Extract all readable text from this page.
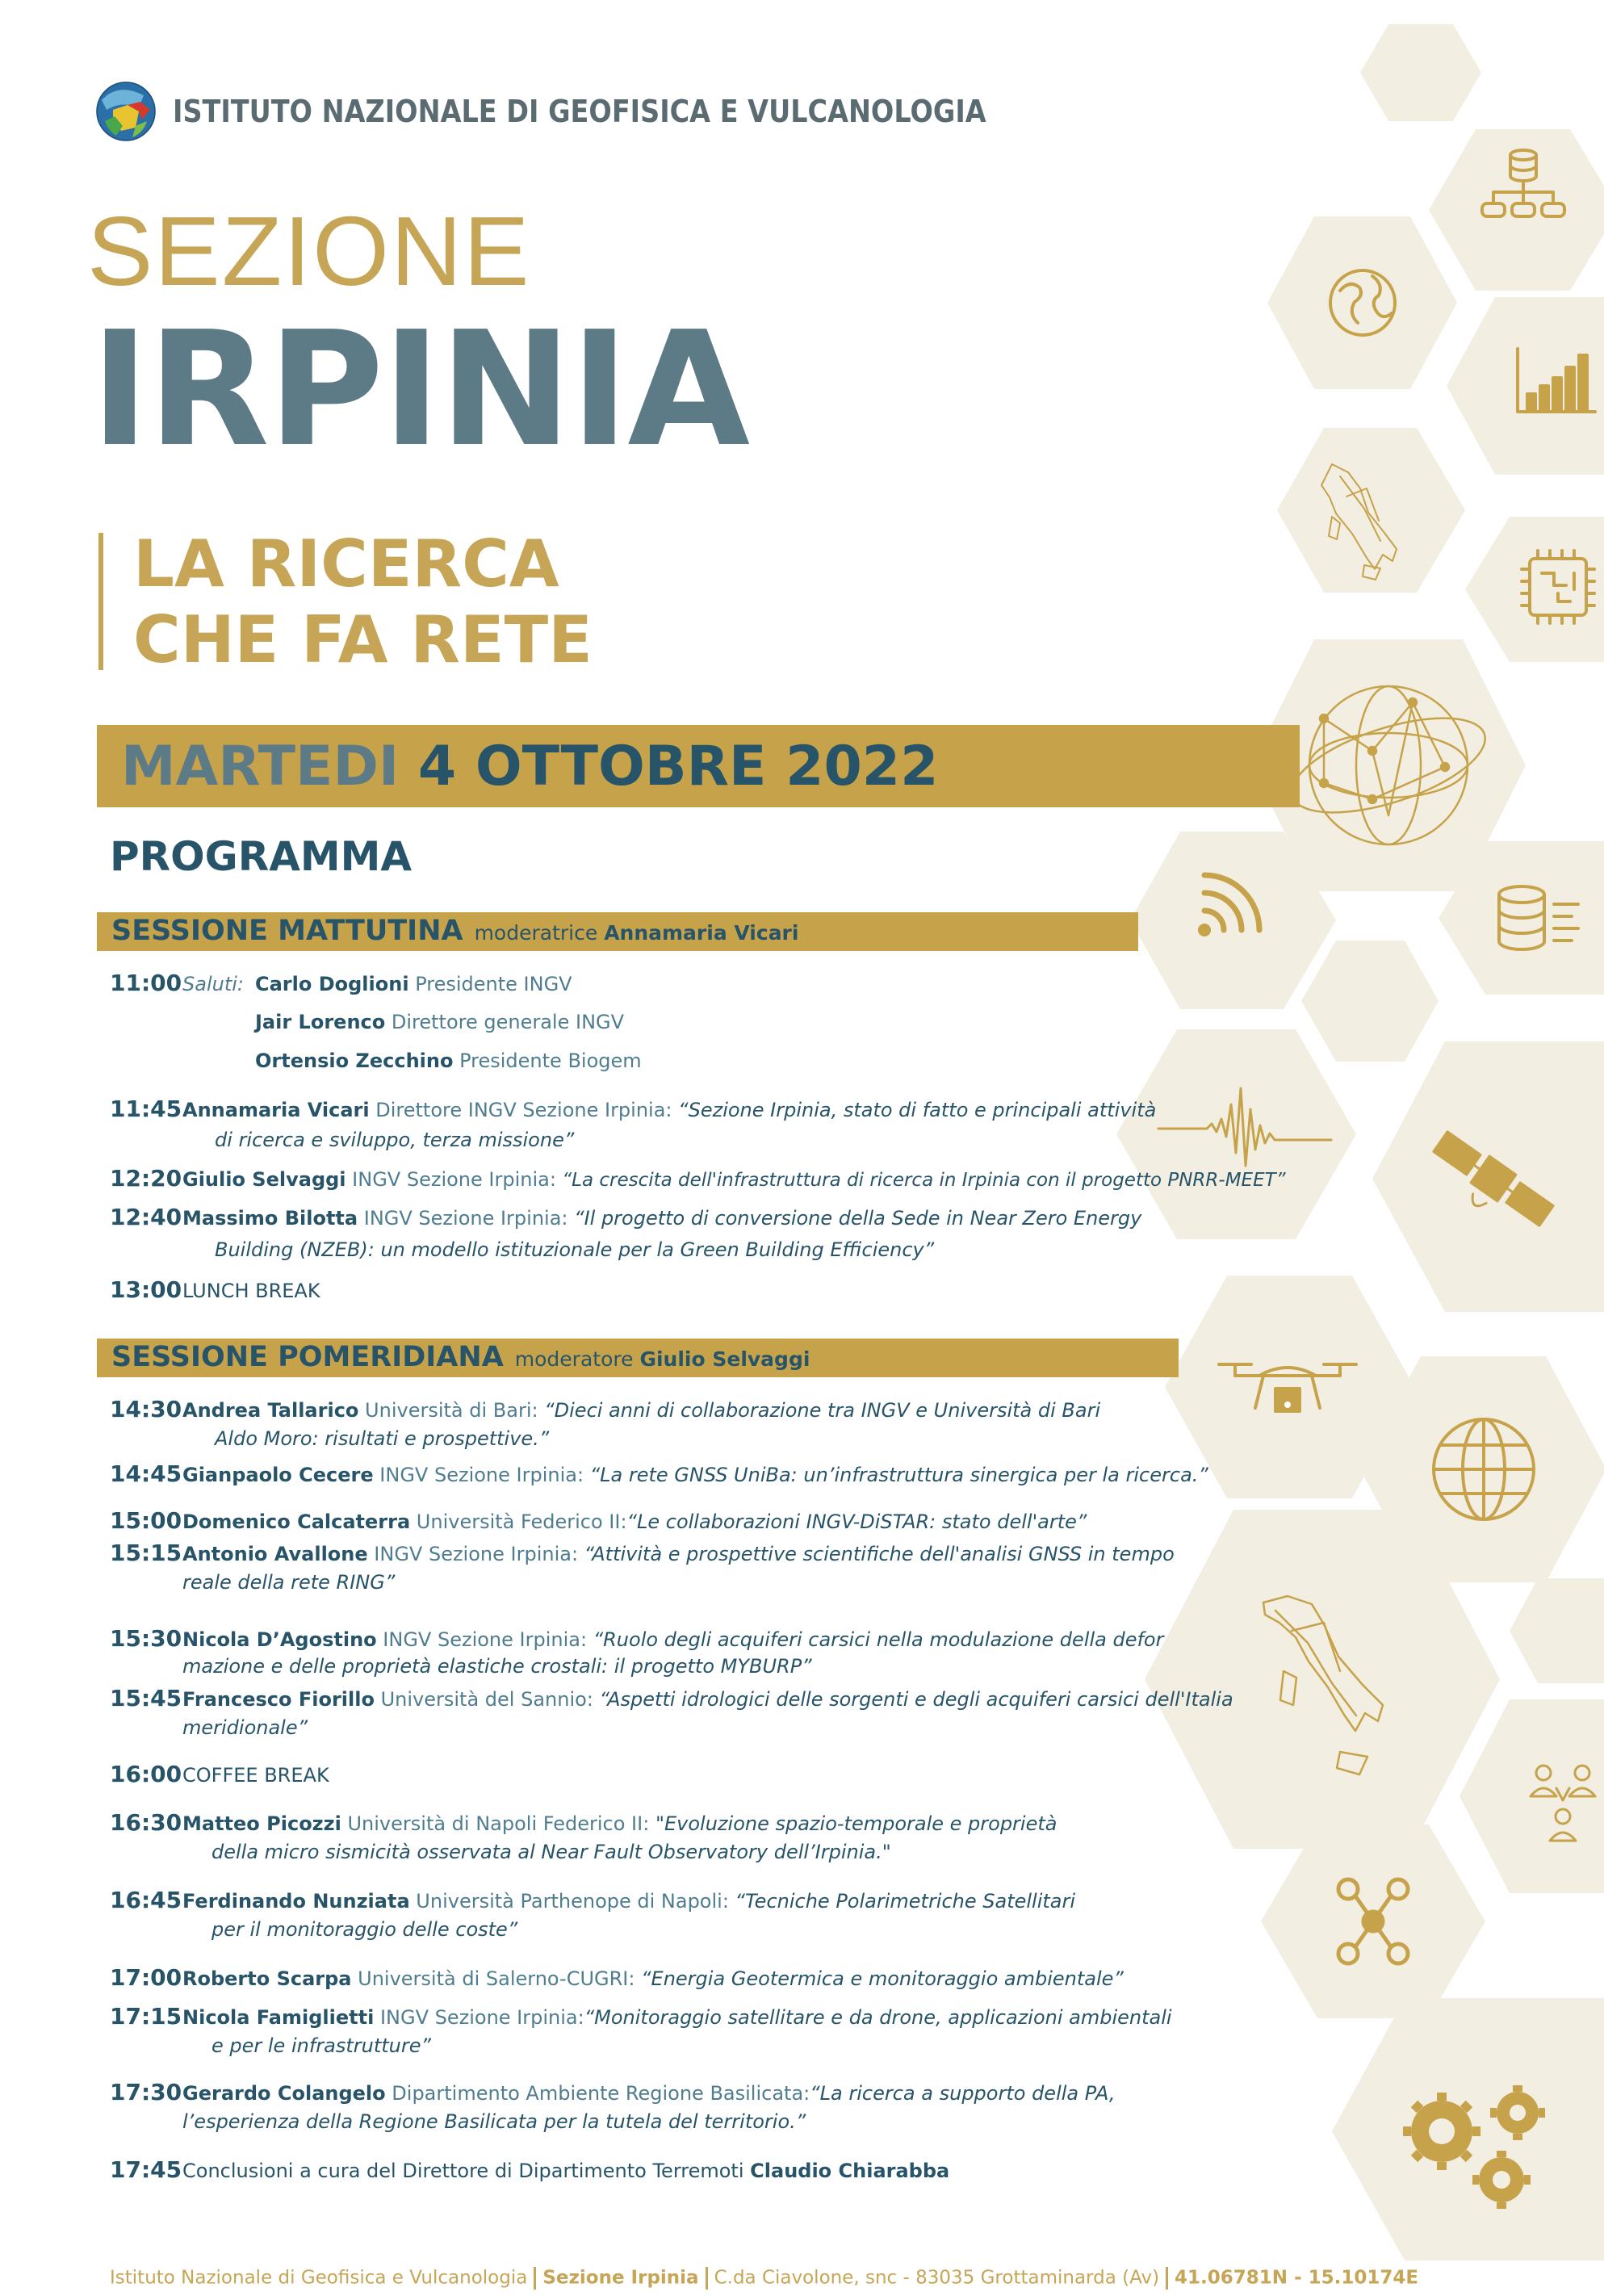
ISTITUTO NAZIONALE DI GEOFISICA E VULCANOLOGIA
SEZIONE
IRPINIA
LA RICERCA
CHE FA RETE
MARTEDI 4 OTTOBRE 2022
PROGRAMMA
SESSIONE MATTUTINA moderatrice Annamaria Vicari
11:00Saluti: Carlo Doglioni Presidente INGV
Jair Lorenco Direttore generale INGV
Ortensio Zecchino Presidente Biogem
11:45Annamaria Vicari Direttore INGV Sezione Irpinia: “Sezione Irpinia, stato di fatto e principali attività
di ricerca e sviluppo, terza missione”
12:20Giulio Selvaggi INGV Sezione Irpinia: “La crescita dell'infrastruttura di ricerca in Irpinia con il progetto PNRR-MEET”
12:40Massimo Bilotta INGV Sezione Irpinia: “Il progetto di conversione della Sede in Near Zero Energy
Building (NZEB): un modello istituzionale per la Green Building Efficiency”
13:00LUNCH BREAK
SESSIONE POMERIDIANA moderatore Giulio Selvaggi
14:30Andrea Tallarico Università di Bari: “Dieci anni di collaborazione tra INGV e Università di Bari
Aldo Moro: risultati e prospettive.”
14:45Gianpaolo Cecere INGV Sezione Irpinia: “La rete GNSS UniBa: un’infrastruttura sinergica per la ricerca.”
15:00Domenico Calcaterra Università Federico II:“Le collaborazioni INGV-DiSTAR: stato dell'arte”
15:15Antonio Avallone INGV Sezione Irpinia: “Attività e prospettive scientifiche dell'analisi GNSS in tempo
reale della rete RING”
15:30Nicola D’Agostino INGV Sezione Irpinia: “Ruolo degli acquiferi carsici nella modulazione della defor
mazione e delle proprietà elastiche crostali: il progetto MYBURP”
15:45Francesco Fiorillo Università del Sannio: “Aspetti idrologici delle sorgenti e degli acquiferi carsici dell'Italia
meridionale”
16:00COFFEE BREAK
16:30Matteo Picozzi Università di Napoli Federico II: "Evoluzione spazio-temporale e proprietà
della micro sismicità osservata al Near Fault Observatory dell’Irpinia."
16:45Ferdinando Nunziata Università Parthenope di Napoli: “Tecniche Polarimetriche Satellitari
per il monitoraggio delle coste”
17:00Roberto Scarpa Università di Salerno-CUGRI: “Energia Geotermica e monitoraggio ambientale”
17:15Nicola Famiglietti INGV Sezione Irpinia:“Monitoraggio satellitare e da drone, applicazioni ambientali
e per le infrastrutture”
17:30Gerardo Colangelo Dipartimento Ambiente Regione Basilicata:“La ricerca a supporto della PA,
l’esperienza della Regione Basilicata per la tutela del territorio.”
17:45Conclusioni a cura del Direttore di Dipartimento Terremoti Claudio Chiarabba
Istituto Nazionale di Geofisica e Vulcanologia Sezione Irpinia C.da Ciavolone, snc - 83035 Grottaminarda (Av) 41.06781N - 15.10174E
